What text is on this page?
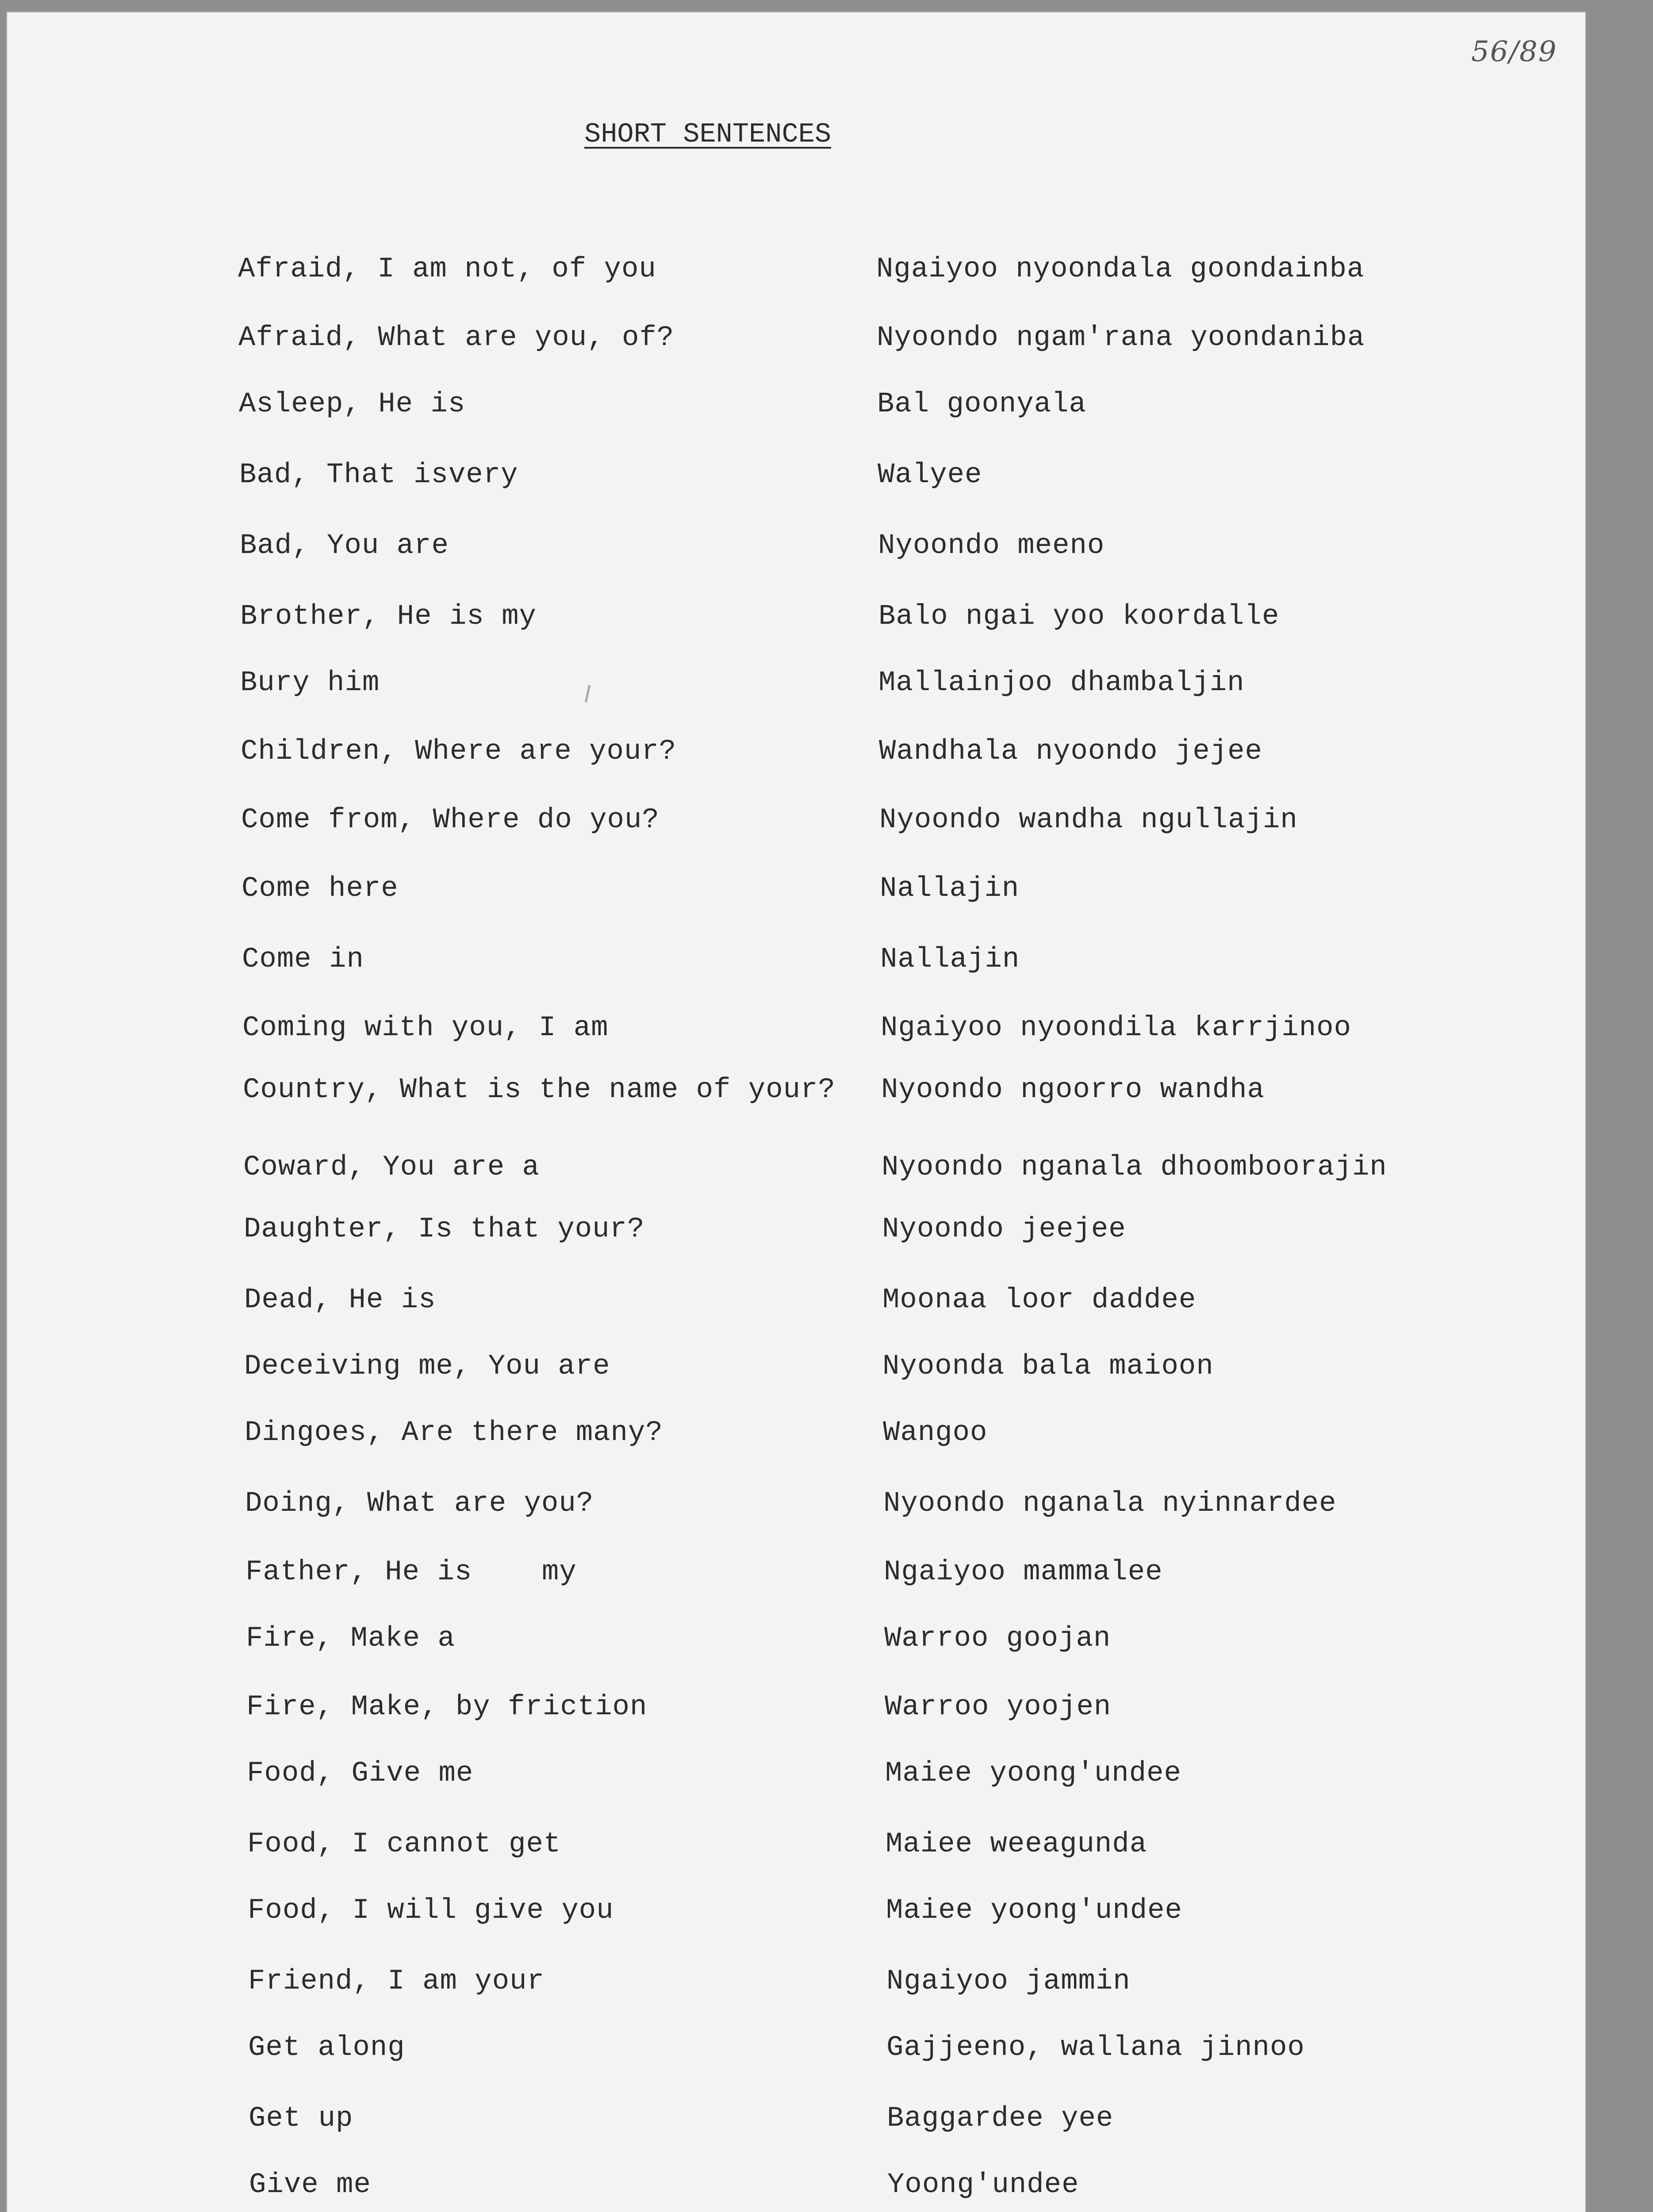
56/89
SHORT SENTENCES
Afraid, I am not, of you	Ngaiyoo nyoondala goondainba
Afraid, What are you, of?	Nyoondo ngam'rana yoondaniba
Asleep, He is	Bal goonyala
Bad, That isvery	Walyee
Bad, You are	Nyoondo meeno
Brother, He is my	Balo ngai yoo koordalle
Bury him	Mallainjoo dhambaljin
Children, Where are your?	Wandhala nyoondo jejee
Come from, Where do you?	Nyoondo wandha ngullajin
Come here	Nallajin
Come in	Nallajin
Coming with you, I am	Ngaiyoo nyoondila karrjinoo
Country, What is the name of your? Nyoondo ngoorro wandha
Coward, You are a	Nyoondo nganala dhoomboorajin
Daughter, Is that your?	Nyoondo jeejee
Dead, He is	Moonaa loor daddee
Deceiving me, You are	Nyoonda bala maioon
Dingoes, Are there many?	Wangoo
Doing, What are you?	Nyoondo nganala nyinnardee
Father, He is    my	Ngaiyoo mammalee
Fire, Make a	Warroo goojan
Fire, Make, by friction	Warroo yoojen
Food, Give me	Maiee yoong'undee
Food, I cannot get	Maiee weeagunda
Food, I will give you	Maiee yoong'undee
Friend, I am your	Ngaiyoo jammin
Get along	Gajjeeno, wallana jinnoo
Get up	Baggardee yee
Give me	Yoong'undee
